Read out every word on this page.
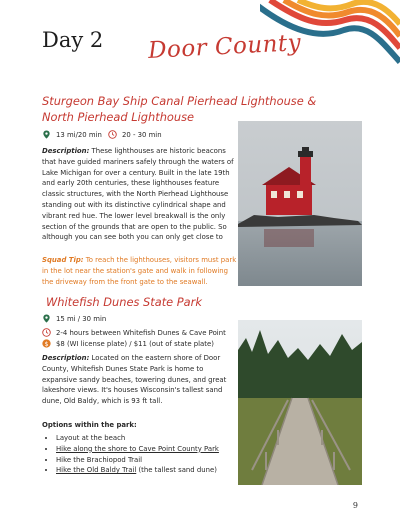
Day 2 Door County
Sturgeon Bay Ship Canal Pierhead Lighthouse &
North Pierhead Lighthouse
13 mi/20 min	20 - 30 min
Description: These lighthouses are historic beacons
that have guided mariners safely through the waters of
Lake Michigan for over a century. Built in the late 19th
and early 20th centuries, these lighthouses feature
classic structures, with the North Pierhead Lighthouse
standing out with its distinctive cylindrical shape and
vibrant red hue. The lower level breakwall is the only
section of the grounds that are open to the public. So
although you can see both you can only get close to
Squad Tip: To reach the lighthouses, visitors must park
in the lot near the station's gate and walk in following
the driveway from the front gate to the seawall.
Whitefish Dunes State Park
15 mi / 30 min
2-4 hours between Whitefish Dunes & Cave Point
$ $8 (WI license plate) / $11 (out of state plate)
Description: Located on the eastern shore of Door
County, Whitefish Dunes State Park is home to
expansive sandy beaches, towering dunes, and great
lakeshore views. It's houses Wisconsin's tallest sand
dune, Old Baldy, which is 93 ft tall.
Options within the park:
• Layout at the beach
• Hike along the shore to Cave Point County Park
• Hike the Brachiopod Trail
• Hike the Old Baldy Trail (the tallest sand dune)
9
